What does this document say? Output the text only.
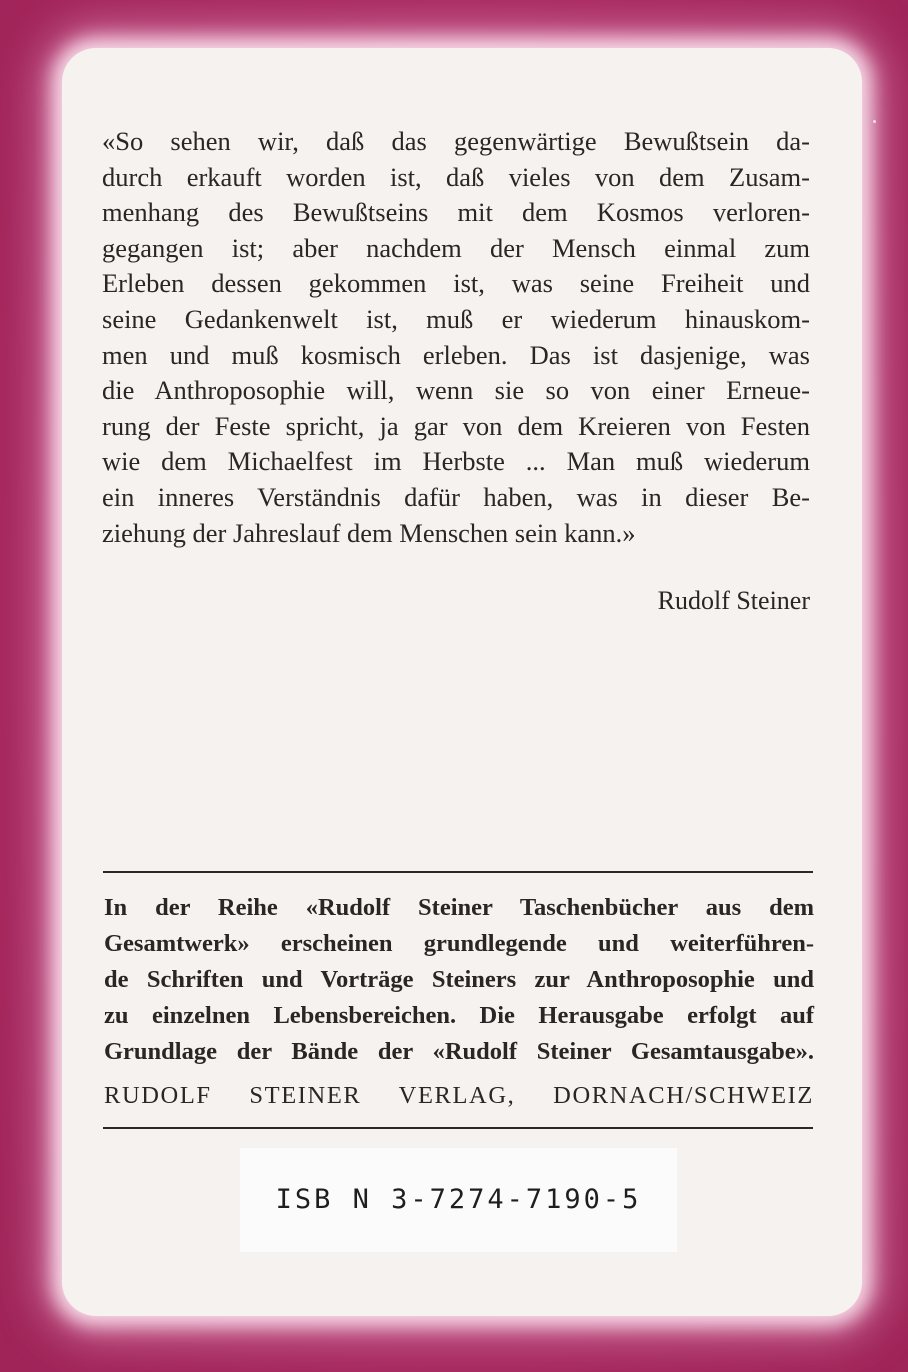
«So sehen wir, daß das gegenwärtige Bewußtsein da-
durch erkauft worden ist, daß vieles von dem Zusam-
menhang des Bewußtseins mit dem Kosmos verloren-
gegangen ist; aber nachdem der Mensch einmal zum
Erleben dessen gekommen ist, was seine Freiheit und
seine Gedankenwelt ist, muß er wiederum hinauskom-
men und muß kosmisch erleben. Das ist dasjenige, was
die Anthroposophie will, wenn sie so von einer Erneue-
rung der Feste spricht, ja gar von dem Kreieren von Festen
wie dem Michaelfest im Herbste ... Man muß wiederum
ein inneres Verständnis dafür haben, was in dieser Be-
ziehung der Jahreslauf dem Menschen sein kann.»

Rudolf Steiner

In der Reihe «Rudolf Steiner Taschenbücher aus dem
Gesamtwerk» erscheinen grundlegende und weiterführen-
de Schriften und Vorträge Steiners zur Anthroposophie und
zu einzelnen Lebensbereichen. Die Herausgabe erfolgt auf
Grundlage der Bände der «Rudolf Steiner Gesamtausgabe».

RUDOLF STEINER VERLAG, DORNACH/SCHWEIZ

ISB N 3-7274-7190-5
